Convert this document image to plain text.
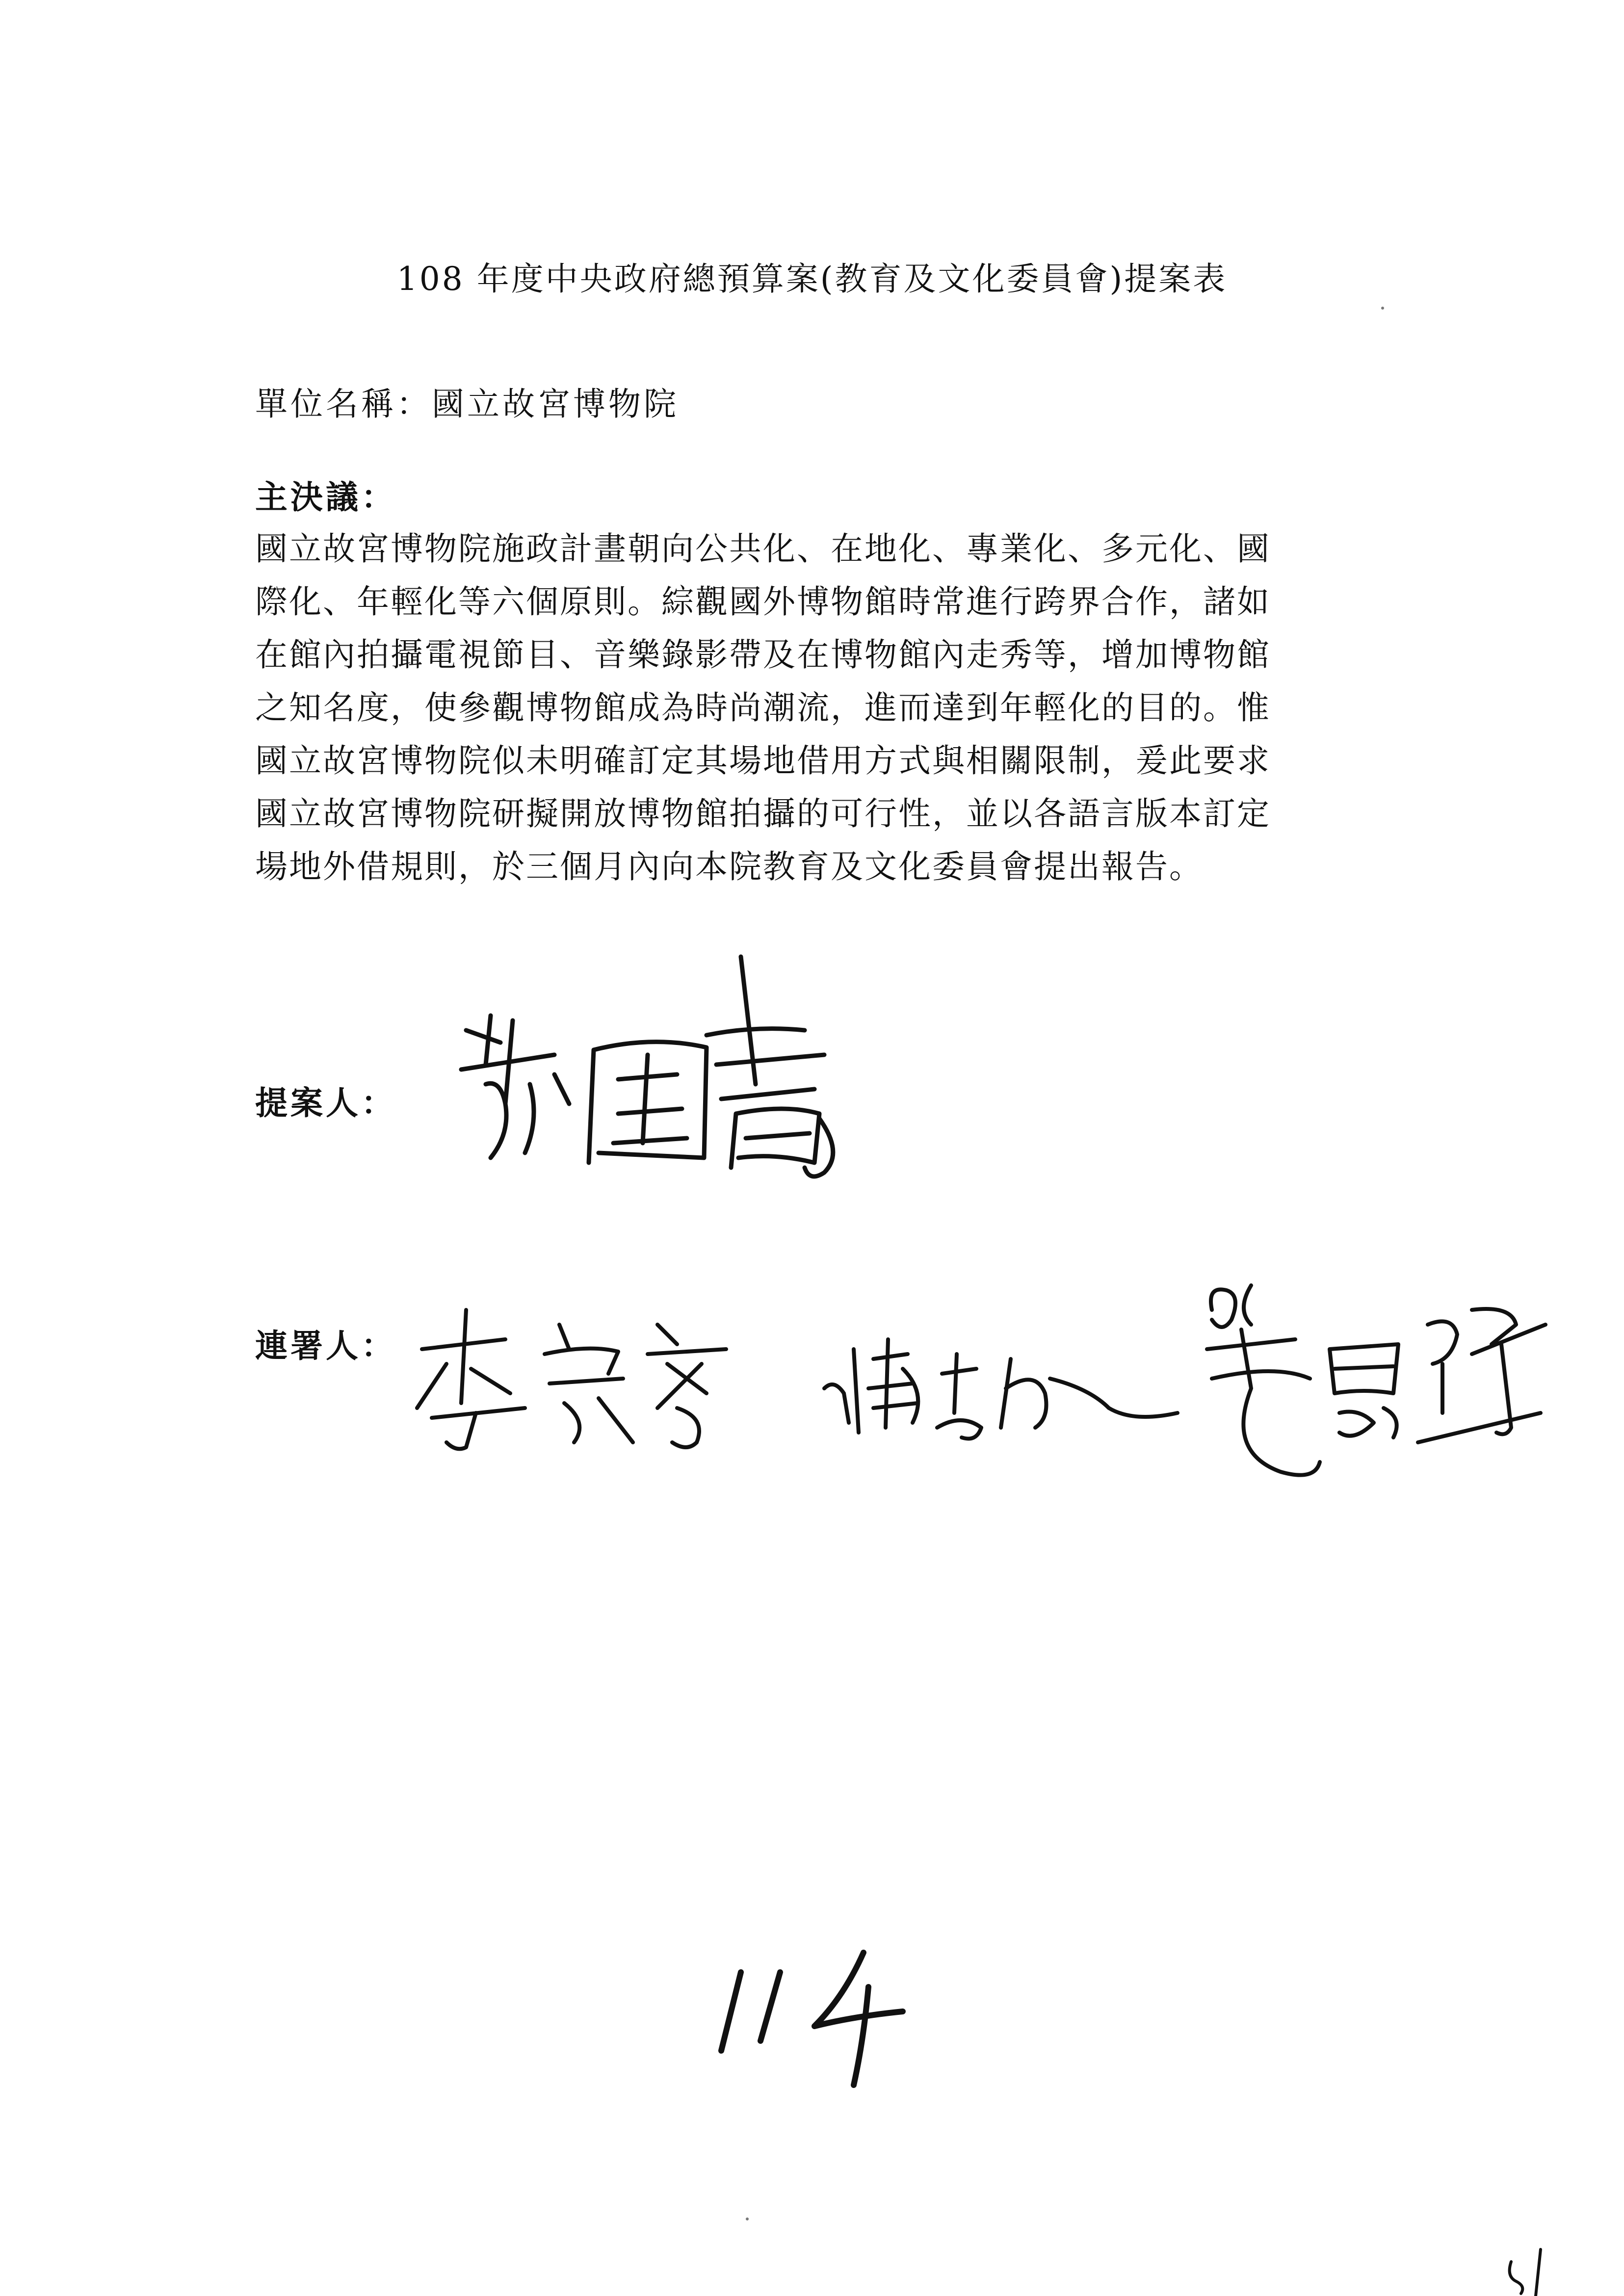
108 年度中央政府總預算案(教育及文化委員會)提案表
單位名稱：國立故宮博物院
主決議：
國立故宮博物院施政計畫朝向公共化、在地化、專業化、多元化、國
際化、年輕化等六個原則。綜觀國外博物館時常進行跨界合作，諸如
在館內拍攝電視節目、音樂錄影帶及在博物館內走秀等，增加博物館
之知名度，使參觀博物館成為時尚潮流，進而達到年輕化的目的。惟
國立故宮博物院似未明確訂定其場地借用方式與相關限制，爰此要求
國立故宮博物院研擬開放博物館拍攝的可行性，並以各語言版本訂定
場地外借規則，於三個月內向本院教育及文化委員會提出報告。
提案人：
連署人：
